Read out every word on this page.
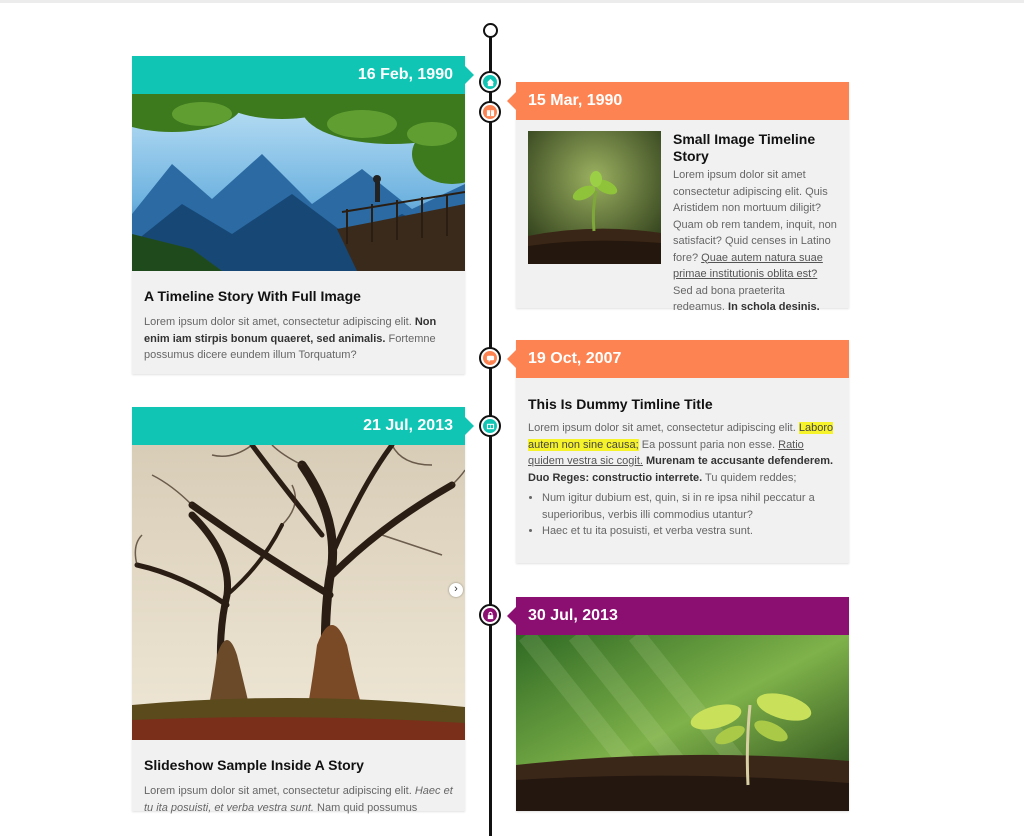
16 Feb, 1990

A Timeline Story With Full Image

Lorem ipsum dolor sit amet, consectetur adipiscing elit. Non enim iam stirpis bonum quaeret, sed animalis. Fortemne possumus dicere eundem illum Torquatum?

15 Mar, 1990

Small Image Timeline Story

Lorem ipsum dolor sit amet consectetur adipiscing elit. Quis Aristidem non mortuum diligit? Quam ob rem tandem, inquit, non satisfacit? Quid censes in Latino fore? Quae autem natura suae primae institutionis oblita est? Sed ad bona praeterita redeamus. In schola desinis.

19 Oct, 2007

This Is Dummy Timline Title

Lorem ipsum dolor sit amet, consectetur adipiscing elit. Laboro autem non sine causa; Ea possunt paria non esse. Ratio quidem vestra sic cogit. Murenam te accusante defenderem. Duo Reges: constructio interrete. Tu quidem reddes;

• Num igitur dubium est, quin, si in re ipsa nihil peccatur a superioribus, verbis illi commodius utantur?
• Haec et tu ita posuisti, et verba vestra sunt.
21 Jul, 2013
›

Slideshow Sample Inside A Story

Lorem ipsum dolor sit amet, consectetur adipiscing elit. Haec et tu ita posuisti, et verba vestra sunt. Nam quid possumus

30 Jul, 2013
